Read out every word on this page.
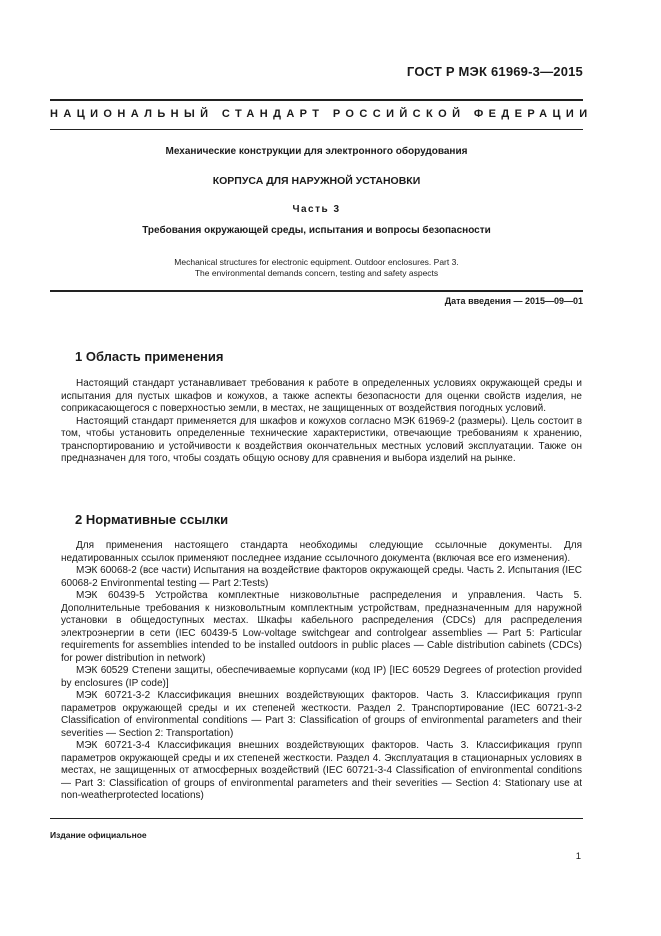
ГОСТ Р МЭК 61969-3—2015
НАЦИОНАЛЬНЫЙ СТАНДАРТ РОССИЙСКОЙ ФЕДЕРАЦИИ
Механические конструкции для электронного оборудования
КОРПУСА ДЛЯ НАРУЖНОЙ УСТАНОВКИ
Часть 3
Требования окружающей среды, испытания и вопросы безопасности
Mechanical structures for electronic equipment. Outdoor enclosures. Part 3.
The environmental demands concern, testing and safety aspects
Дата введения — 2015—09—01
1 Область применения

Настоящий стандарт устанавливает требования к работе в определенных условиях окружающей среды и испытания для пустых шкафов и кожухов, а также аспекты безопасности для оценки свойств изделия, не соприкасающегося с поверхностью земли, в местах, не защищенных от воздействия погодных условий.

Настоящий стандарт применяется для шкафов и кожухов согласно МЭК 61969-2 (размеры). Цель состоит в том, чтобы установить определенные технические характеристики, отвечающие требованиям к хранению, транспортированию и устойчивости к воздействия окончательных местных условий эксплуатации. Также он предназначен для того, чтобы создать общую основу для сравнения и выбора изделий на рынке.

2 Нормативные ссылки

Для применения настоящего стандарта необходимы следующие ссылочные документы. Для недатированных ссылок применяют последнее издание ссылочного документа (включая все его изменения).

МЭК 60068-2 (все части) Испытания на воздействие факторов окружающей среды. Часть 2. Испытания (IEC 60068-2 Environmental testing — Part 2:Tests)

МЭК 60439-5 Устройства комплектные низковольтные распределения и управления. Часть 5. Дополнительные требования к низковольтным комплектным устройствам, предназначенным для наружной установки в общедоступных местах. Шкафы кабельного распределения (CDCs) для распределения электроэнергии в сети (IEC 60439-5 Low-voltage switchgear and controlgear assemblies — Part 5: Particular requirements for assemblies intended to be installed outdoors in public places — Cable distribution cabinets (CDCs) for power distribution in network)

МЭК 60529 Степени защиты, обеспечиваемые корпусами (код IP) [IEC 60529 Degrees of protection provided by enclosures (IP code)]

МЭК 60721-3-2 Классификация внешних воздействующих факторов. Часть 3. Классификация групп параметров окружающей среды и их степеней жесткости. Раздел 2. Транспортирование (IEC 60721-3-2 Classification of environmental conditions — Part 3: Classification of groups of environmental parameters and their severities — Section 2: Transportation)

МЭК 60721-3-4 Классификация внешних воздействующих факторов. Часть 3. Классификация групп параметров окружающей среды и их степеней жесткости. Раздел 4. Эксплуатация в стационарных условиях в местах, не защищенных от атмосферных воздействий (IEC 60721-3-4 Classification of environmental conditions — Part 3: Classification of groups of environmental parameters and their severities — Section 4: Stationary use at non-weatherprotected locations)

Издание официальное
1
